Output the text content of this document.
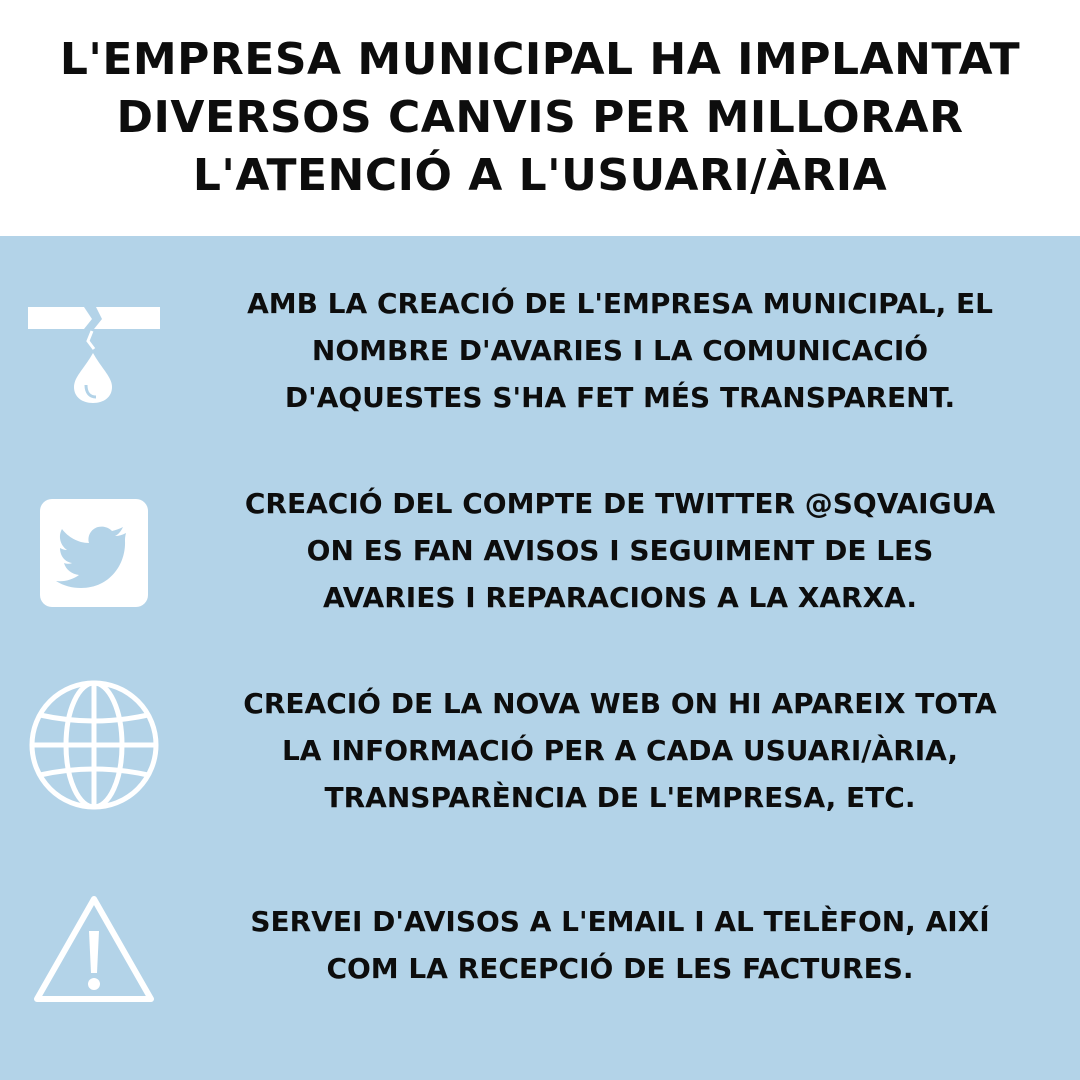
L'EMPRESA MUNICIPAL HA IMPLANTAT
DIVERSOS CANVIS PER MILLORAR
L'ATENCIÓ A L'USUARI/ÀRIA
AMB LA CREACIÓ DE L'EMPRESA MUNICIPAL, EL
NOMBRE D'AVARIES I LA COMUNICACIÓ
D'AQUESTES S'HA FET MÉS TRANSPARENT.
CREACIÓ DEL COMPTE DE TWITTER @SQVAIGUA
ON ES FAN AVISOS I SEGUIMENT DE LES
AVARIES I REPARACIONS A LA XARXA.
CREACIÓ DE LA NOVA WEB ON HI APAREIX TOTA
LA INFORMACIÓ PER A CADA USUARI/ÀRIA,
TRANSPARÈNCIA DE L'EMPRESA, ETC.
SERVEI D'AVISOS A L'EMAIL I AL TELÈFON, AIXÍ
COM LA RECEPCIÓ DE LES FACTURES.
